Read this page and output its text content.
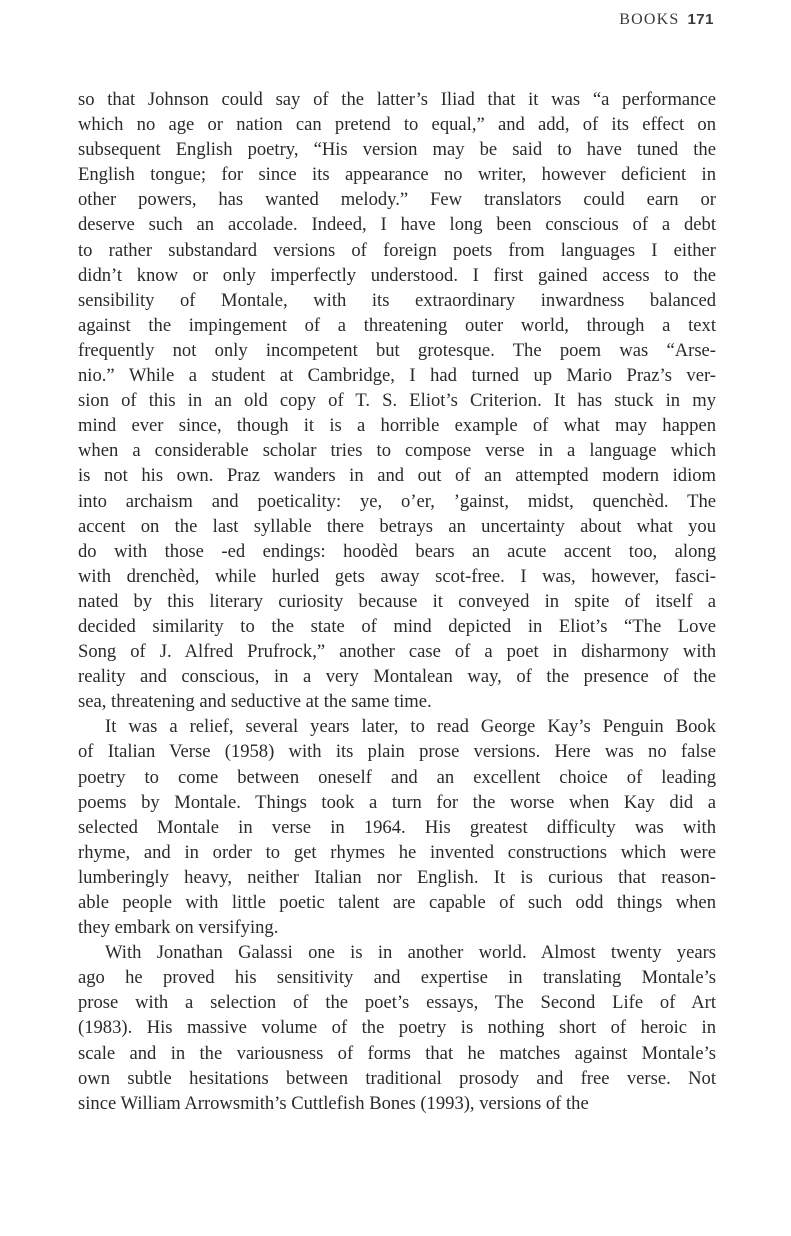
BOOKS 171
so that Johnson could say of the latter’s Iliad that it was “a performance
which no age or nation can pretend to equal,” and add, of its effect on
subsequent English poetry, “His version may be said to have tuned the
English tongue; for since its appearance no writer, however deficient in
other powers, has wanted melody.” Few translators could earn or
deserve such an accolade. Indeed, I have long been conscious of a debt
to rather substandard versions of foreign poets from languages I either
didn’t know or only imperfectly understood. I first gained access to the
sensibility of Montale, with its extraordinary inwardness balanced
against the impingement of a threatening outer world, through a text
frequently not only incompetent but grotesque. The poem was “Arse-
nio.” While a student at Cambridge, I had turned up Mario Praz’s ver-
sion of this in an old copy of T. S. Eliot’s Criterion. It has stuck in my
mind ever since, though it is a horrible example of what may happen
when a considerable scholar tries to compose verse in a language which
is not his own. Praz wanders in and out of an attempted modern idiom
into archaism and poeticality: ye, o’er, ’gainst, midst, quenchèd. The
accent on the last syllable there betrays an uncertainty about what you
do with those -ed endings: hoodèd bears an acute accent too, along
with drenchèd, while hurled gets away scot-free. I was, however, fasci-
nated by this literary curiosity because it conveyed in spite of itself a
decided similarity to the state of mind depicted in Eliot’s “The Love
Song of J. Alfred Prufrock,” another case of a poet in disharmony with
reality and conscious, in a very Montalean way, of the presence of the
sea, threatening and seductive at the same time.
It was a relief, several years later, to read George Kay’s Penguin Book
of Italian Verse (1958) with its plain prose versions. Here was no false
poetry to come between oneself and an excellent choice of leading
poems by Montale. Things took a turn for the worse when Kay did a
selected Montale in verse in 1964. His greatest difficulty was with
rhyme, and in order to get rhymes he invented constructions which were
lumberingly heavy, neither Italian nor English. It is curious that reason-
able people with little poetic talent are capable of such odd things when
they embark on versifying.
With Jonathan Galassi one is in another world. Almost twenty years
ago he proved his sensitivity and expertise in translating Montale’s
prose with a selection of the poet’s essays, The Second Life of Art
(1983). His massive volume of the poetry is nothing short of heroic in
scale and in the variousness of forms that he matches against Montale’s
own subtle hesitations between traditional prosody and free verse. Not
since William Arrowsmith’s Cuttlefish Bones (1993), versions of the
